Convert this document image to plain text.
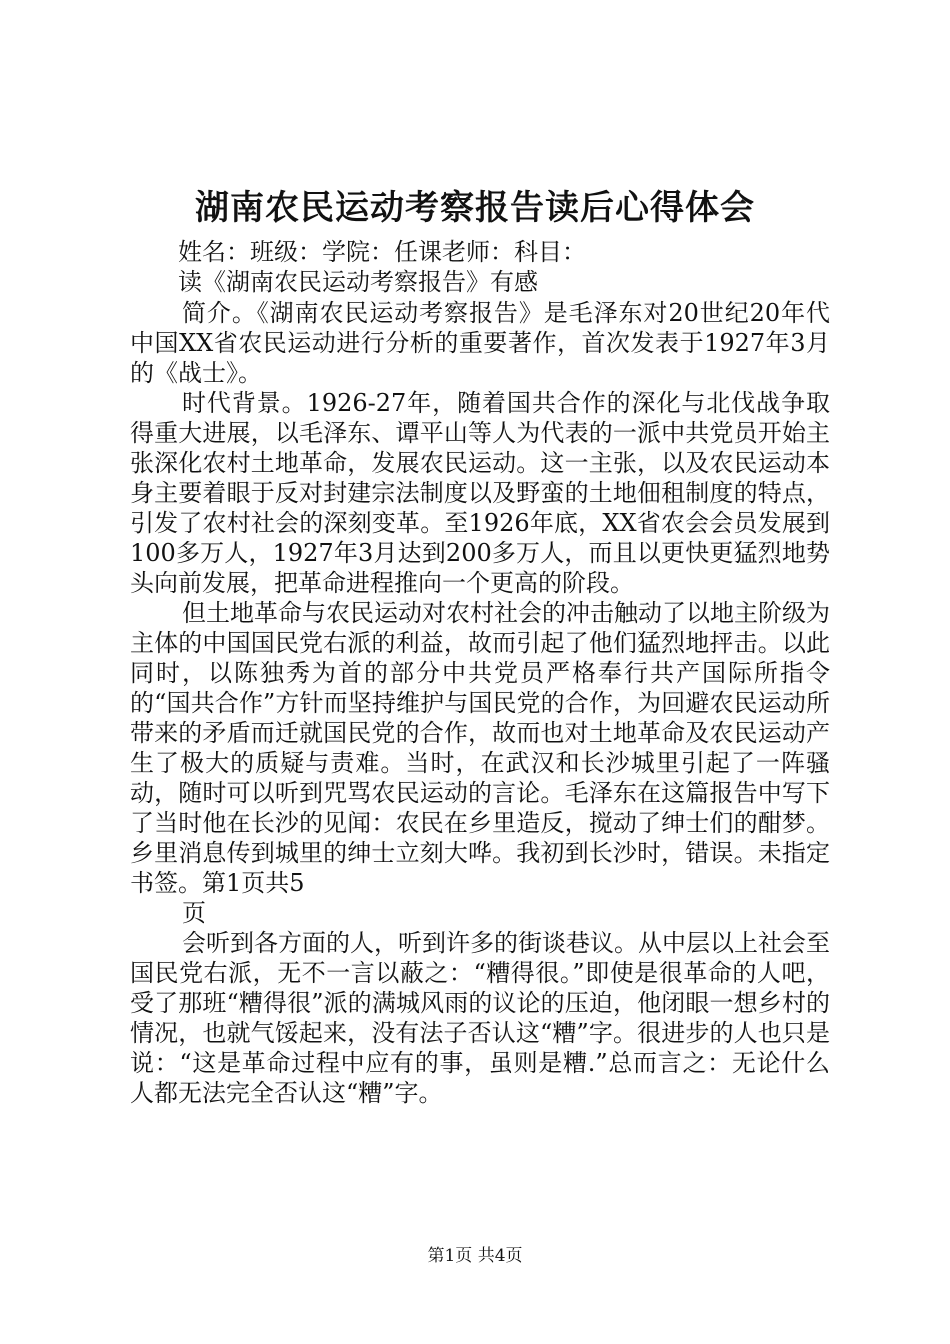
湖南农民运动考察报告读后心得体会
姓名：班级：学院：任课老师：科目：
读《湖南农民运动考察报告》有感

简介。《湖南农民运动考察报告》是毛泽东对20世纪20年代中国XX省农民运动进行分析的重要著作，首次发表于1927年3月的《战士》。

时代背景。1926-27年，随着国共合作的深化与北伐战争取得重大进展，以毛泽东、谭平山等人为代表的一派中共党员开始主张深化农村土地革命，发展农民运动。这一主张，以及农民运动本身主要着眼于反对封建宗法制度以及野蛮的土地佃租制度的特点，引发了农村社会的深刻变革。至1926年底，XX省农会会员发展到100多万人，1927年3月达到200多万人，而且以更快更猛烈地势头向前发展，把革命进程推向一个更高的阶段。

但土地革命与农民运动对农村社会的冲击触动了以地主阶级为主体的中国国民党右派的利益，故而引起了他们猛烈地抨击。以此同时，以陈独秀为首的部分中共党员严格奉行共产国际所指令的“国共合作”方针而坚持维护与国民党的合作，为回避农民运动所带来的矛盾而迁就国民党的合作，故而也对土地革命及农民运动产生了极大的质疑与责难。当时，在武汉和长沙城里引起了一阵骚动，随时可以听到咒骂农民运动的言论。毛泽东在这篇报告中写下了当时他在长沙的见闻：农民在乡里造反，搅动了绅士们的酣梦。乡里消息传到城里的绅士立刻大哗。我初到长沙时，错误。未指定书签。第1页共5

页

会听到各方面的人，听到许多的街谈巷议。从中层以上社会至国民党右派，无不一言以蔽之：“糟得很。”即使是很革命的人吧，受了那班“糟得很”派的满城风雨的议论的压迫，他闭眼一想乡村的情况，也就气馁起来，没有法子否认这“糟”字。很进步的人也只是说：“这是革命过程中应有的事，虽则是糟.”总而言之：无论什么人都无法完全否认这“糟”字。

第1页 共4页
